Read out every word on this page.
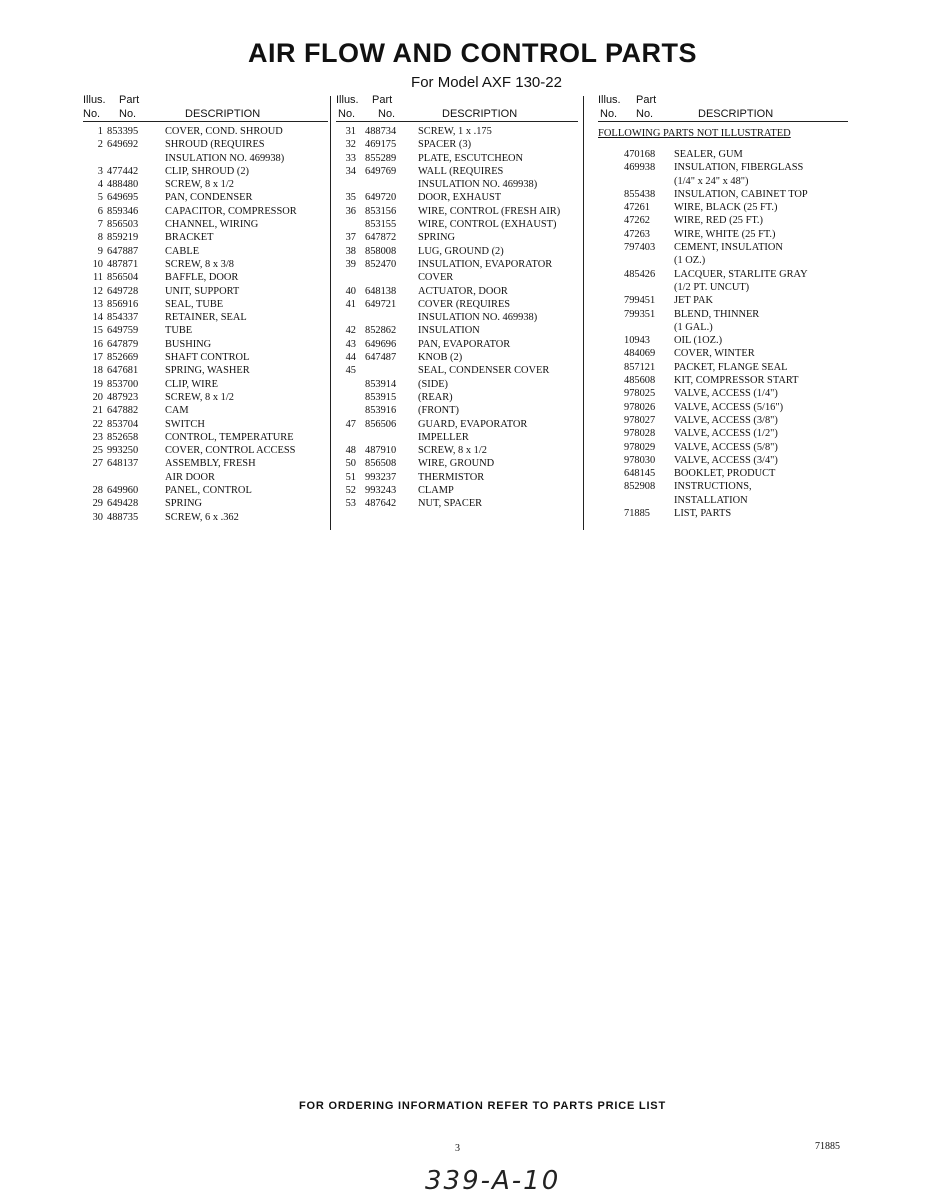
AIR FLOW AND CONTROL PARTS
For Model AXF 130-22
Illus. Part
No. No.	DESCRIPTION
1 853395	COVER, COND. SHROUD
2 649692	SHROUD (REQUIRES
INSULATION NO. 469938)
3 477442	CLIP, SHROUD (2)
4 488480	SCREW, 8 x 1/2
5 649695	PAN, CONDENSER
6 859346	CAPACITOR, COMPRESSOR
7 856503	CHANNEL, WIRING
8 859219	BRACKET
9 647887	CABLE
10 487871	SCREW, 8 x 3/8
11 856504	BAFFLE, DOOR
12 649728	UNIT, SUPPORT
13 856916	SEAL, TUBE
14 854337	RETAINER, SEAL
15 649759	TUBE
16 647879	BUSHING
17 852669	SHAFT CONTROL
18 647681	SPRING, WASHER
19 853700	CLIP, WIRE
20 487923	SCREW, 8 x 1/2
21 647882	CAM
22 853704	SWITCH
23 852658	CONTROL, TEMPERATURE
25 993250	COVER, CONTROL ACCESS
27 648137	ASSEMBLY, FRESH
AIR DOOR
28 649960	PANEL, CONTROL
29 649428	SPRING
30 488735	SCREW, 6 x .362
Illus. Part
No. No.	DESCRIPTION
31 488734 SCREW, 1 x .175
32 469175 SPACER (3)
33 855289 PLATE, ESCUTCHEON
34 649769 WALL (REQUIRES
INSULATION NO. 469938)
35 649720 DOOR, EXHAUST
36 853156 WIRE, CONTROL (FRESH AIR)
853155 WIRE, CONTROL (EXHAUST)
37 647872 SPRING
38 858008 LUG, GROUND (2)
39 852470 INSULATION, EVAPORATOR
COVER
40 648138 ACTUATOR, DOOR
41 649721 COVER (REQUIRES
INSULATION NO. 469938)
42 852862 INSULATION
43 649696 PAN, EVAPORATOR
44 647487 KNOB (2)
45	SEAL, CONDENSER COVER
853914 (SIDE)
853915 (REAR)
853916 (FRONT)
47 856506 GUARD, EVAPORATOR
IMPELLER
48 487910 SCREW, 8 x 1/2
50 856508 WIRE, GROUND
51 993237 THERMISTOR
52 993243 CLAMP
53 487642 NUT, SPACER
Illus. Part
No. No.	DESCRIPTION
FOLLOWING PARTS NOT ILLUSTRATED
470168 SEALER, GUM
469938 INSULATION, FIBERGLASS
(1/4" x 24" x 48")
855438 INSULATION, CABINET TOP
47261 WIRE, BLACK (25 FT.)
47262 WIRE, RED (25 FT.)
47263 WIRE, WHITE (25 FT.)
797403 CEMENT, INSULATION
(1 OZ.)
485426 LACQUER, STARLITE GRAY
(1/2 PT. UNCUT)
799451 JET PAK
799351 BLEND, THINNER
(1 GAL.)
10943 OIL (1OZ.)
484069 COVER, WINTER
857121 PACKET, FLANGE SEAL
485608 KIT, COMPRESSOR START
978025 VALVE, ACCESS (1/4")
978026 VALVE, ACCESS (5/16")
978027 VALVE, ACCESS (3/8")
978028 VALVE, ACCESS (1/2")
978029 VALVE, ACCESS (5/8")
978030 VALVE, ACCESS (3/4")
648145 BOOKLET, PRODUCT
852908 INSTRUCTIONS,
INSTALLATION
71885 LIST, PARTS
FOR ORDERING INFORMATION REFER TO PARTS PRICE LIST
3	71885
339-A-10
